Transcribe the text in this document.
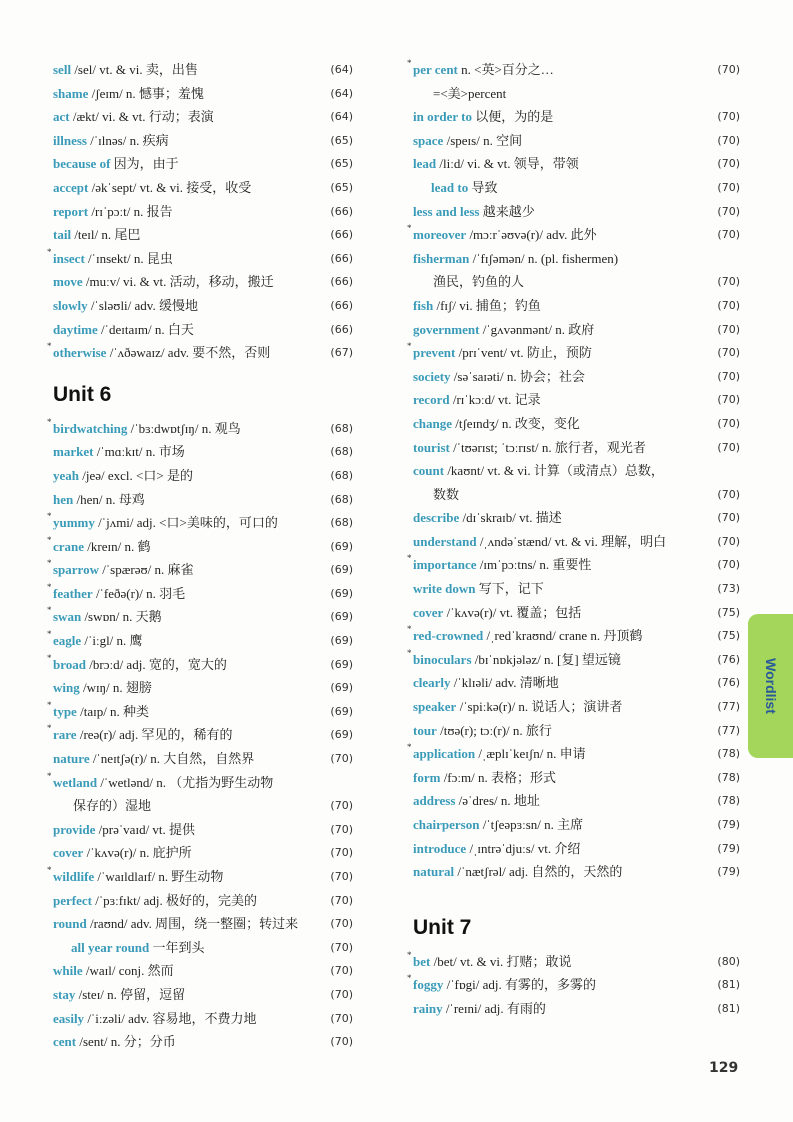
sell /sel/ vt. & vi. 卖，出售	(64)
shame /ʃeɪm/ n. 憾事；羞愧	(64)
act /ækt/ vi. & vt. 行动；表演	(64)
illness /ˈɪlnəs/ n. 疾病	(65)
because of 因为，由于	(65)
accept /əkˈsept/ vt. & vi. 接受，收受	(65)
report /rɪˈpɔːt/ n. 报告	(66)
tail /teɪl/ n. 尾巴	(66)
* insect /ˈɪnsekt/ n. 昆虫	(66)
move /muːv/ vi. & vt. 活动，移动，搬迁	(66)
slowly /ˈsləʊli/ adv. 缓慢地	(66)
daytime /ˈdeɪtaɪm/ n. 白天	(66)
* otherwise /ˈʌðəwaɪz/ adv. 要不然，否则	(67)
Unit 6
* birdwatching /ˈbɜːdwɒtʃɪŋ/ n. 观鸟	(68)
market /ˈmɑːkɪt/ n. 市场	(68)
yeah /jeə/ excl. <口> 是的	(68)
hen /hen/ n. 母鸡	(68)
* yummy /ˈjʌmi/ adj. <口>美味的，可口的	(68)
* crane /kreɪn/ n. 鹤	(69)
* sparrow /ˈspærəʊ/ n. 麻雀	(69)
* feather /ˈfeðə(r)/ n. 羽毛	(69)
* swan /swɒn/ n. 天鹅	(69)
* eagle /ˈiːgl/ n. 鹰	(69)
* broad /brɔːd/ adj. 宽的，宽大的	(69)
wing /wɪŋ/ n. 翅膀	(69)
* type /taɪp/ n. 种类	(69)
* rare /reə(r)/ adj. 罕见的，稀有的	(69)
nature /ˈneɪtʃə(r)/ n. 大自然，自然界	(70)
* wetland /ˈwetlənd/ n. （尤指为野生动物
保存的）湿地	(70)
provide /prəˈvaɪd/ vt. 提供	(70)
cover /ˈkʌvə(r)/ n. 庇护所	(70)
* wildlife /ˈwaɪldlaɪf/ n. 野生动物	(70)
perfect /ˈpɜːfɪkt/ adj. 极好的，完美的	(70)
round /raʊnd/ adv. 周围，绕一整圈；转过来	(70)
all year round 一年到头	(70)
while /waɪl/ conj. 然而	(70)
stay /steɪ/ n. 停留，逗留	(70)
easily /ˈiːzəli/ adv. 容易地，不费力地	(70)
cent /sent/ n. 分；分币	(70)
* per cent n. <英>百分之…	(70)
=<美>percent
in order to 以便，为的是	(70)
space /speɪs/ n. 空间	(70)
lead /liːd/ vi. & vt. 领导，带领	(70)
lead to 导致	(70)
less and less 越来越少	(70)
* moreover /mɔːrˈəʊvə(r)/ adv. 此外	(70)
fisherman /ˈfɪʃəmən/ n. (pl. fishermen)
渔民，钓鱼的人	(70)
fish /fɪʃ/ vi. 捕鱼；钓鱼	(70)
government /ˈgʌvənmənt/ n. 政府	(70)
* prevent /prɪˈvent/ vt. 防止，预防	(70)
society /səˈsaɪəti/ n. 协会；社会	(70)
record /rɪˈkɔːd/ vt. 记录	(70)
change /tʃeɪndʒ/ n. 改变，变化	(70)
tourist /ˈtʊərɪst; ˈtɔːrɪst/ n. 旅行者，观光者	(70)
count /kaʊnt/ vt. & vi. 计算（或清点）总数，
数数	(70)
describe /dɪˈskraɪb/ vt. 描述	(70)
understand /ˌʌndəˈstænd/ vt. & vi. 理解，明白	(70)
* importance /ɪmˈpɔːtns/ n. 重要性	(70)
write down 写下，记下	(73)
cover /ˈkʌvə(r)/ vt. 覆盖；包括	(75)
* red-crowned /ˌredˈkraʊnd/ crane n. 丹顶鹤	(75)
* binoculars /bɪˈnɒkjələz/ n. [复] 望远镜	(76)
clearly /ˈklɪəli/ adv. 清晰地	(76)
speaker /ˈspiːkə(r)/ n. 说话人；演讲者	(77)
tour /tʊə(r); tɔː(r)/ n. 旅行	(77)
* application /ˌæplɪˈkeɪʃn/ n. 申请	(78)
form /fɔːm/ n. 表格；形式	(78)
address /əˈdres/ n. 地址	(78)
chairperson /ˈtʃeəpɜːsn/ n. 主席	(79)
introduce /ˌɪntrəˈdjuːs/ vt. 介绍	(79)
natural /ˈnætʃrəl/ adj. 自然的，天然的	(79)
Unit 7
* bet /bet/ vt. & vi. 打赌；敢说	(80)
* foggy /ˈfɒgi/ adj. 有雾的，多雾的	(81)
rainy /ˈreɪni/ adj. 有雨的	(81)
Wordlist
129
